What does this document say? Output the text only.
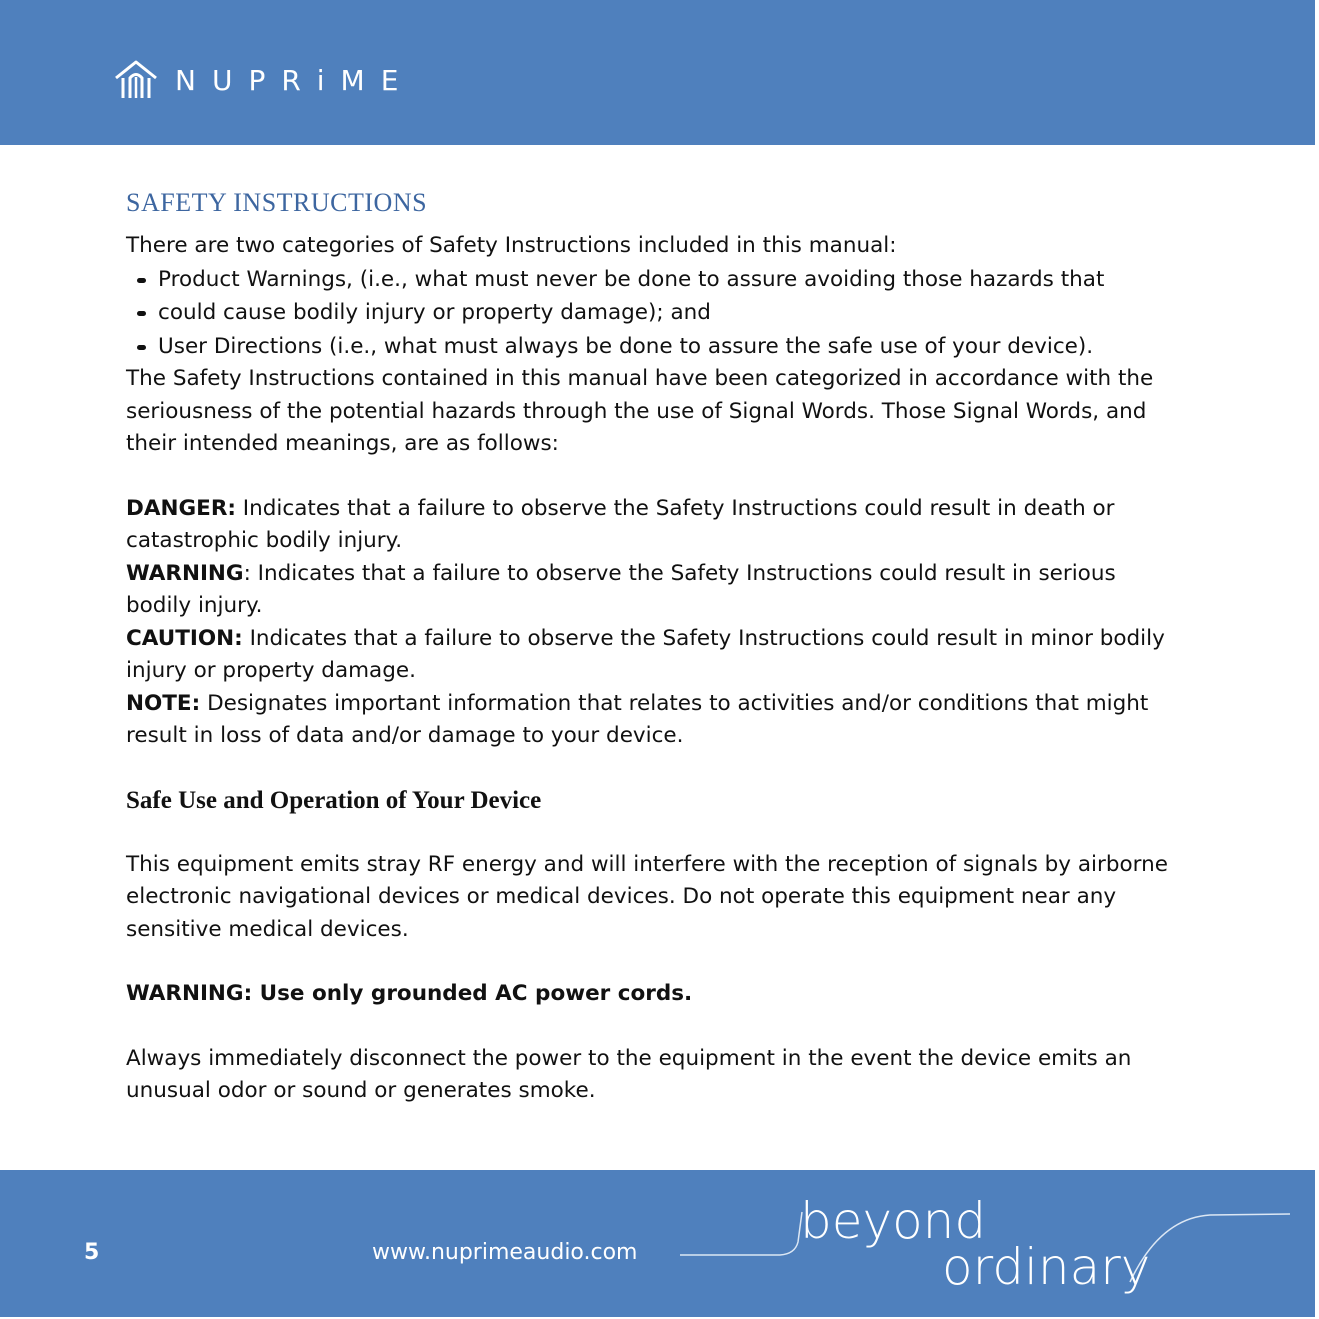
NUPRiME
SAFETY INSTRUCTIONS

There are two categories of Safety Instructions included in this manual:

Product Warnings, (i.e., what must never be done to assure avoiding those hazards that
could cause bodily injury or property damage); and
User Directions (i.e., what must always be done to assure the safe use of your device).

The Safety Instructions contained in this manual have been categorized in accordance with the seriousness of the potential hazards through the use of Signal Words. Those Signal Words, and their intended meanings, are as follows:

DANGER: Indicates that a failure to observe the Safety Instructions could result in death or catastrophic bodily injury.

WARNING: Indicates that a failure to observe the Safety Instructions could result in serious bodily injury.

CAUTION: Indicates that a failure to observe the Safety Instructions could result in minor bodily injury or property damage.

NOTE: Designates important information that relates to activities and/or conditions that might result in loss of data and/or damage to your device.

Safe Use and Operation of Your Device

This equipment emits stray RF energy and will interfere with the reception of signals by airborne electronic navigational devices or medical devices. Do not operate this equipment near any sensitive medical devices.

WARNING: Use only grounded AC power cords.

Always immediately disconnect the power to the equipment in the event the device emits an unusual odor or sound or generates smoke.

5	www.nuprimeaudio.com
beyond
ordinary
